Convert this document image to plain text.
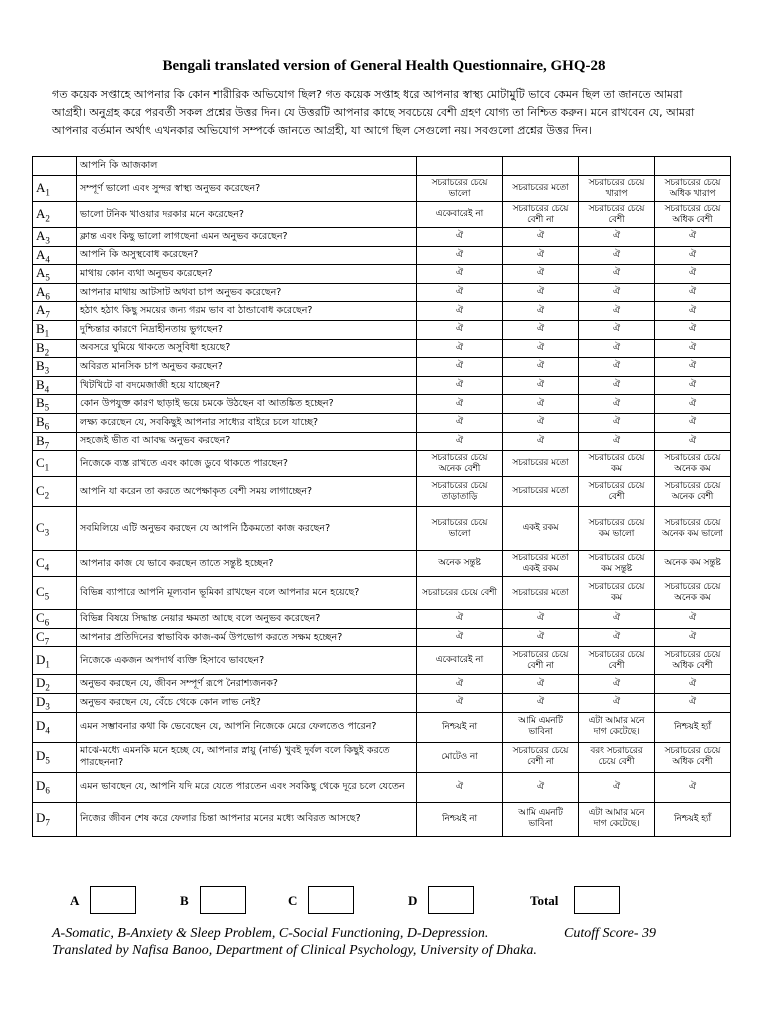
Bengali translated version of General Health Questionnaire, GHQ-28
গত কয়েক সপ্তাহে আপনার কি কোন শারীরিক অভিযোগ ছিল? গত কয়েক সপ্তাহ ধরে আপনার স্বাস্থ্য মোটামুটি ভাবে কেমন ছিল তা জানতে আমরা আগ্রহী। অনুগ্রহ করে পরবর্তী সকল প্রশ্নের উত্তর দিন। যে উত্তরটি আপনার কাছে সবচেয়ে বেশী গ্রহণ যোগ্য তা নিশ্চিত করুন। মনে রাখবেন যে, আমরা আপনার বর্তমান অর্থাৎ এখনকার অভিযোগ সম্পর্কে জানতে আগ্রহী, যা আগে ছিল সেগুলো নয়। সবগুলো প্রশ্নের উত্তর দিন।
	আপনি কি আজকাল				
$A_1$	সম্পূর্ণ ভালো এবং সুন্দর স্বাস্থ্য অনুভব করেছেন?	সচরাচরের চেয়ে ভালো	সচরাচরের মতো	সচরাচরের চেয়ে খারাপ	সচরাচরের চেয়ে অধিক খারাপ
$A_2$	ভালো টনিক খাওয়ার দরকার মনে করেছেন?	একেবারেই না	সচরাচরের চেয়ে বেশী না	সচরাচরের চেয়ে বেশী	সচরাচরের চেয়ে অধিক বেশী
$A_3$	ক্লান্ত এবং কিছু ভালো লাগছেনা এমন অনুভব করেছেন?	ঐ	ঐ	ঐ	ঐ
$A_4$	আপনি কি অসুস্থবোধ করেছেন?	ঐ	ঐ	ঐ	ঐ
$A_5$	মাথায় কোন ব্যথা অনুভব করেছেন?	ঐ	ঐ	ঐ	ঐ
$A_6$	আপনার মাথায় আটসাট অথবা চাপ অনুভব করেছেন?	ঐ	ঐ	ঐ	ঐ
$A_7$	হঠাৎ হঠাৎ কিছু সময়ের জন্য গরম ভাব বা ঠান্ডাবোধ করেছেন?	ঐ	ঐ	ঐ	ঐ
$B_1$	দুশ্চিন্তার কারণে নিদ্রাহীনতায় ভুগছেন?	ঐ	ঐ	ঐ	ঐ
$B_2$	অবসরে ঘুমিয়ে থাকতে অসুবিধা হয়েছে?	ঐ	ঐ	ঐ	ঐ
$B_3$	অবিরত মানসিক চাপ অনুভব করছেন?	ঐ	ঐ	ঐ	ঐ
$B_4$	খিটখিটে বা বদমেজাজী হয়ে যাচ্ছেন?	ঐ	ঐ	ঐ	ঐ
$B_5$	কোন উপযুক্ত কারণ ছাড়াই ভয়ে চমকে উঠছেন বা আতঙ্কিত হচ্ছেন?	ঐ	ঐ	ঐ	ঐ
$B_6$	লক্ষ্য করেছেন যে, সবকিছুই আপনার সাধ্যের বাইরে চলে যাচ্ছে?	ঐ	ঐ	ঐ	ঐ
$B_7$	সহজেই ভীত বা আবদ্ধ অনুভব করছেন?	ঐ	ঐ	ঐ	ঐ
$C_1$	নিজেকে ব্যস্ত রাখতে এবং কাজে ডুবে থাকতে পারছেন?	সচরাচরের চেয়ে অনেক বেশী	সচরাচরের মতো	সচরাচরের চেয়ে কম	সচরাচরের চেয়ে অনেক কম
$C_2$	আপনি যা করেন তা করতে অপেক্ষাকৃত বেশী সময় লাগাচ্ছেন?	সচরাচরের চেয়ে তাড়াতাড়ি	সচরাচরের মতো	সচরাচরের চেয়ে বেশী	সচরাচরের চেয়ে অনেক বেশী
$C_3$	সবমিলিয়ে এটি অনুভব করছেন যে আপনি ঠিকমতো কাজ করছেন?	সচরাচরের চেয়ে ভালো	একই রকম	সচরাচরের চেয়ে কম ভালো	সচরাচরের চেয়ে অনেক কম ভালো
$C_4$	আপনার কাজ যে ভাবে করছেন তাতে সন্তুষ্ট হচ্ছেন?	অনেক সন্তুষ্ট	সচরাচরের মতো একই রকম	সচরাচরের চেয়ে কম সন্তুষ্ট	অনেক কম সন্তুষ্ট
$C_5$	বিভিন্ন ব্যাপারে আপনি মূল্যবান ভূমিকা রাখছেন বলে আপনার মনে হয়েছে?	সচরাচরের চেয়ে বেশী	সচরাচরের মতো	সচরাচরের চেয়ে কম	সচরাচরের চেয়ে অনেক কম
$C_6$	বিভিন্ন বিষয়ে সিদ্ধান্ত নেয়ার ক্ষমতা আছে বলে অনুভব করেছেন?	ঐ	ঐ	ঐ	ঐ
$C_7$	আপনার প্রতিদিনের স্বাভাবিক কাজ-কর্ম উপভোগ করতে সক্ষম হচ্ছেন?	ঐ	ঐ	ঐ	ঐ
$D_1$	নিজেকে একজন অপদার্থ ব্যক্তি হিসাবে ভাবছেন?	একেবারেই না	সচরাচরের চেয়ে বেশী না	সচরাচরের চেয়ে বেশী	সচরাচরের চেয়ে অধিক বেশী
$D_2$	অনুভব করছেন যে, জীবন সম্পূর্ণ রূপে নৈরাশ্যজনক?	ঐ	ঐ	ঐ	ঐ
$D_3$	অনুভব করছেন যে, বেঁচে থেকে কোন লাভ নেই?	ঐ	ঐ	ঐ	ঐ
$D_4$	এমন সম্ভাবনার কথা কি ভেবেছেন যে, আপনি নিজেকে মেরে ফেলতেও পারেন?	নিশ্চয়ই না	আমি এমনটি ভাবিনা	এটা আমার মনে দাগ কেটেছে।	নিশ্চয়ই হ্যাঁ
$D_5$	মাঝে-মধ্যে এমনকি মনে হচ্ছে যে, আপনার স্নায়ু (নার্ভ) খুবই দুর্বল বলে কিছুই করতে পারছেননা?	মোটেও না	সচরাচরের চেয়ে বেশী না	বরং সচরাচরের চেয়ে বেশী	সচরাচরের চেয়ে অধিক বেশী
$D_6$	এমন ভাবছেন যে, আপনি যদি মরে যেতে পারতেন এবং সবকিছু থেকে দূরে চলে যেতেন	ঐ	ঐ	ঐ	ঐ
$D_7$	নিজের জীবন শেষ করে ফেলার চিন্তা আপনার মনের মধ্যে অবিরত আসছে?	নিশ্চয়ই না	আমি এমনটি ভাবিনা	এটা আমার মনে দাগ কেটেছে।	নিশ্চয়ই হ্যাঁ
A	B	C	D	Total
A-Somatic, B-Anxiety & Sleep Problem, C-Social Functioning, D-Depression.	Cutoff Score- 39
Translated by Nafisa Banoo, Department of Clinical Psychology, University of Dhaka.
